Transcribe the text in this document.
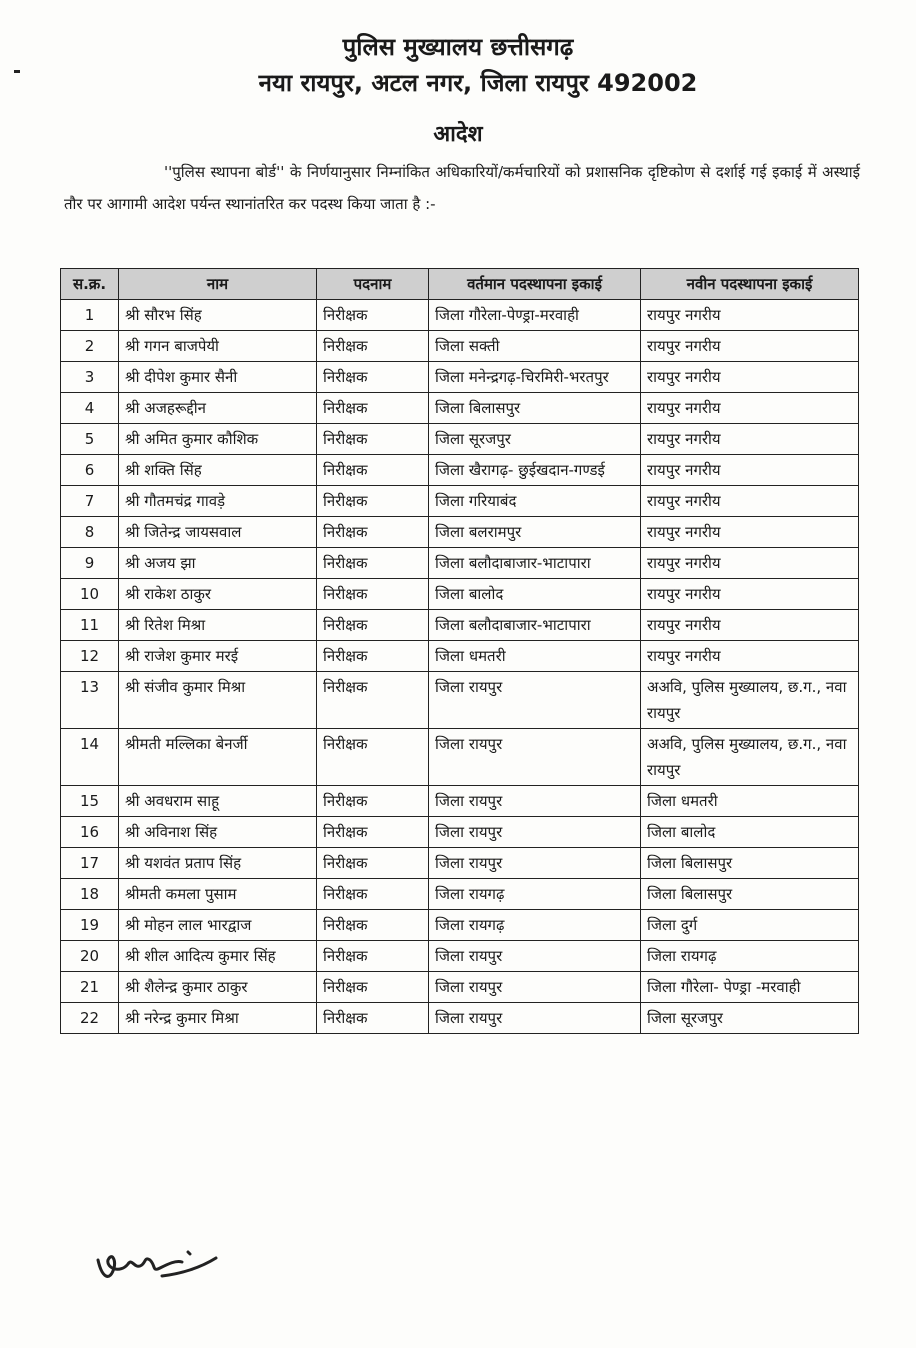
पुलिस मुख्यालय छत्तीसगढ़
नया रायपुर, अटल नगर, जिला रायपुर 492002
आदेश
''पुलिस स्थापना बोर्ड'' के निर्णयानुसार निम्नांकित अधिकारियों/कर्मचारियों को प्रशासनिक दृष्टिकोण से दर्शाई गई इकाई में अस्थाई तौर पर आगामी आदेश पर्यन्त स्थानांतरित कर पदस्थ किया जाता है :-
स.क्र.	नाम	पदनाम	वर्तमान पदस्थापना इकाई	नवीन पदस्थापना इकाई
1	श्री सौरभ सिंह	निरीक्षक	जिला गौरेला-पेण्ड्रा-मरवाही	रायपुर नगरीय
2	श्री गगन बाजपेयी	निरीक्षक	जिला सक्ती	रायपुर नगरीय
3	श्री दीपेश कुमार सैनी	निरीक्षक	जिला मनेन्द्रगढ़-चिरमिरी-भरतपुर	रायपुर नगरीय
4	श्री अजहरूद्दीन	निरीक्षक	जिला बिलासपुर	रायपुर नगरीय
5	श्री अमित कुमार कौशिक	निरीक्षक	जिला सूरजपुर	रायपुर नगरीय
6	श्री शक्ति सिंह	निरीक्षक	जिला खैरागढ़- छुईखदान-गण्डई	रायपुर नगरीय
7	श्री गौतमचंद्र गावड़े	निरीक्षक	जिला गरियाबंद	रायपुर नगरीय
8	श्री जितेन्द्र जायसवाल	निरीक्षक	जिला बलरामपुर	रायपुर नगरीय
9	श्री अजय झा	निरीक्षक	जिला बलौदाबाजार-भाटापारा	रायपुर नगरीय
10	श्री राकेश ठाकुर	निरीक्षक	जिला बालोद	रायपुर नगरीय
11	श्री रितेश मिश्रा	निरीक्षक	जिला बलौदाबाजार-भाटापारा	रायपुर नगरीय
12	श्री राजेश कुमार मरई	निरीक्षक	जिला धमतरी	रायपुर नगरीय
13	श्री संजीव कुमार मिश्रा	निरीक्षक	जिला रायपुर	अअवि, पुलिस मुख्यालय, छ.ग., नवा रायपुर
14	श्रीमती मल्लिका बेनर्जी	निरीक्षक	जिला रायपुर	अअवि, पुलिस मुख्यालय, छ.ग., नवा रायपुर
15	श्री अवधराम साहू	निरीक्षक	जिला रायपुर	जिला धमतरी
16	श्री अविनाश सिंह	निरीक्षक	जिला रायपुर	जिला बालोद
17	श्री यशवंत प्रताप सिंह	निरीक्षक	जिला रायपुर	जिला बिलासपुर
18	श्रीमती कमला पुसाम	निरीक्षक	जिला रायगढ़	जिला बिलासपुर
19	श्री मोहन लाल भारद्वाज	निरीक्षक	जिला रायगढ़	जिला दुर्ग
20	श्री शील आदित्य कुमार सिंह	निरीक्षक	जिला रायपुर	जिला रायगढ़
21	श्री शैलेन्द्र कुमार ठाकुर	निरीक्षक	जिला रायपुर	जिला गौरेला- पेण्ड्रा -मरवाही
22	श्री नरेन्द्र कुमार मिश्रा	निरीक्षक	जिला रायपुर	जिला सूरजपुर
